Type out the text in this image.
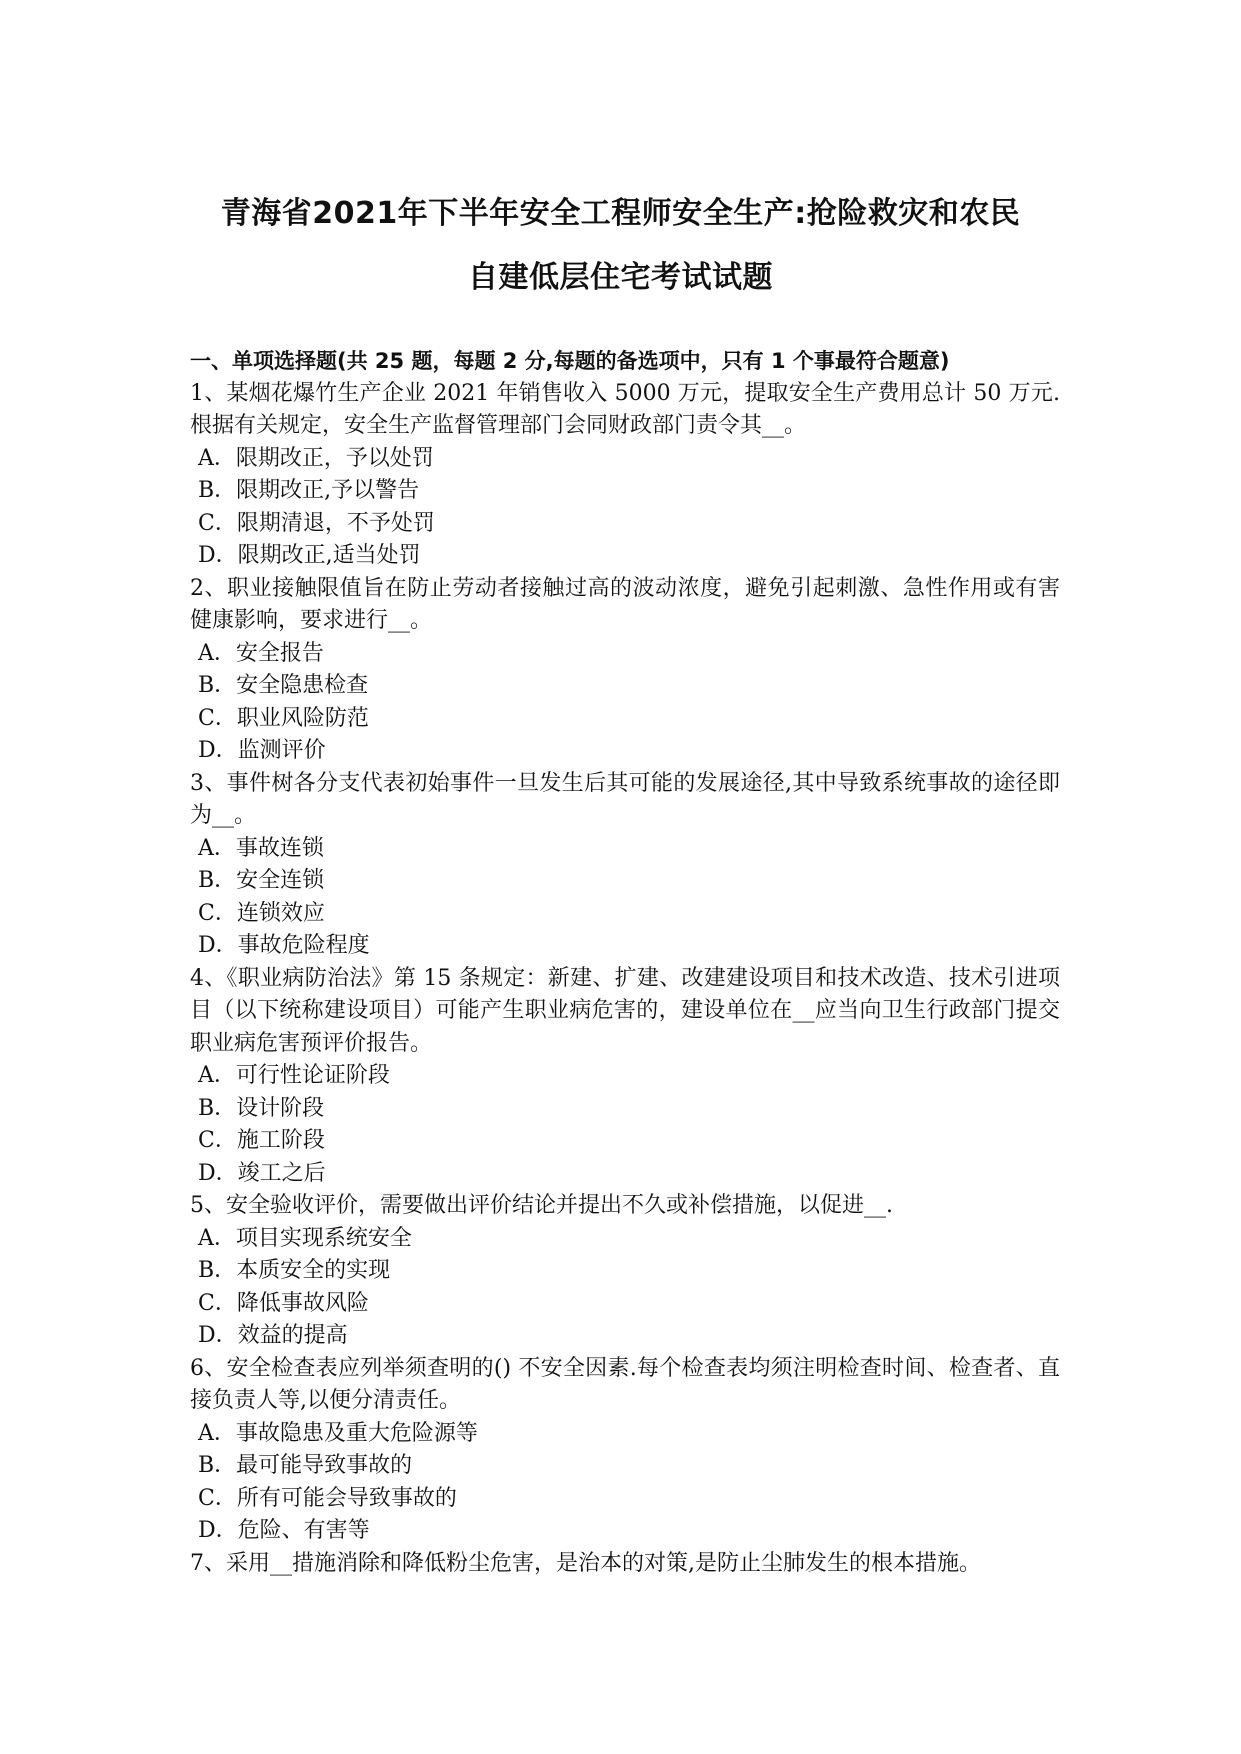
青海省2021年下半年安全工程师安全生产:抢险救灾和农民
自建低层住宅考试试题
一、单项选择题(共 25 题，每题 2 分,每题的备选项中，只有 1 个事最符合题意)

1、某烟花爆竹生产企业 2021 年销售收入 5000 万元，提取安全生产费用总计 50 万元.根据有关规定，安全生产监督管理部门会同财政部门责令其__。

A．限期改正，予以处罚
B．限期改正,予以警告
C．限期清退，不予处罚
D．限期改正,适当处罚

2、职业接触限值旨在防止劳动者接触过高的波动浓度，避免引起刺激、急性作用或有害健康影响，要求进行__。

A．安全报告
B．安全隐患检查
C．职业风险防范
D．监测评价

3、事件树各分支代表初始事件一旦发生后其可能的发展途径,其中导致系统事故的途径即为__。

A．事故连锁
B．安全连锁
C．连锁效应
D．事故危险程度

4、《职业病防治法》第 15 条规定：新建、扩建、改建建设项目和技术改造、技术引进项目（以下统称建设项目）可能产生职业病危害的，建设单位在__应当向卫生行政部门提交职业病危害预评价报告。

A．可行性论证阶段
B．设计阶段
C．施工阶段
D．竣工之后

5、安全验收评价，需要做出评价结论并提出不久或补偿措施，以促进__.

A．项目实现系统安全
B．本质安全的实现
C．降低事故风险
D．效益的提高

6、安全检查表应列举须查明的() 不安全因素.每个检查表均须注明检查时间、检查者、直接负责人等,以便分清责任。

A．事故隐患及重大危险源等
B．最可能导致事故的
C．所有可能会导致事故的
D．危险、有害等

7、采用__措施消除和降低粉尘危害，是治本的对策,是防止尘肺发生的根本措施。
